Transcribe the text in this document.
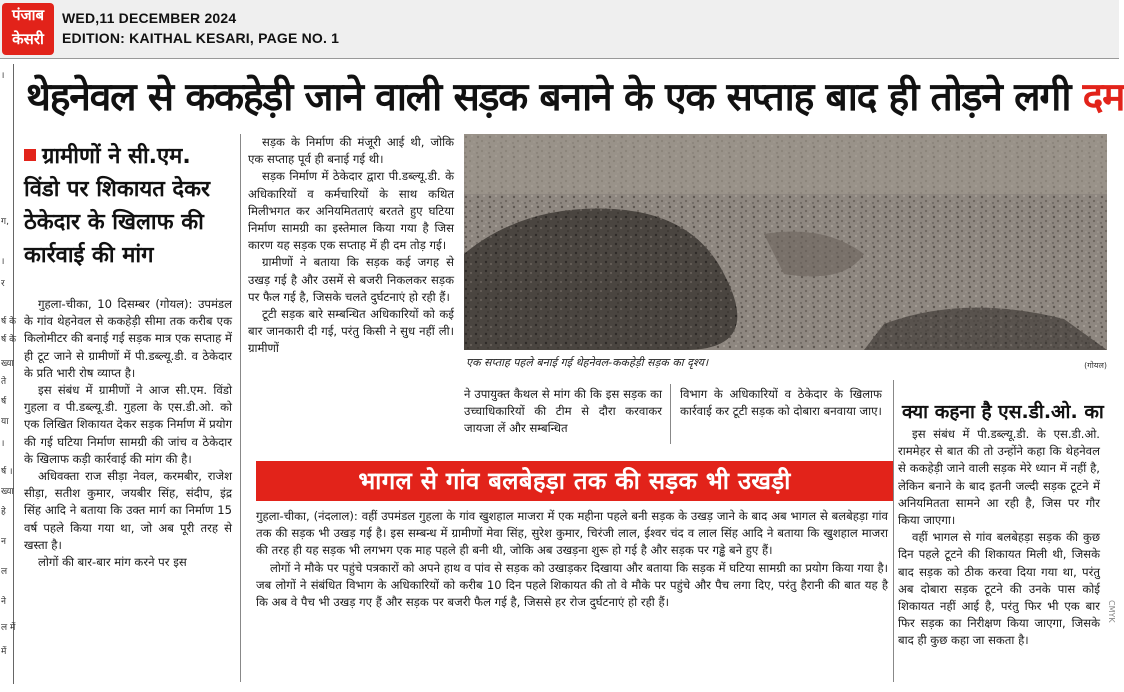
पंजाब
केसरी
WED,11 DECEMBER 2024
EDITION: KAITHAL KESARI, PAGE NO. 1
।
ग,
।
र
र्ष के
र्ष के
ख्या
ते
र्ष
या
।
र्ष ।
ख्या
हे
न
ल
ने
ल में
में
थेहनेवल से ककहेड़ी जाने वाली सड़क बनाने के एक सप्ताह बाद ही तोड़ने लगी दम
ग्रामीणों ने सी.एम. विंडो पर शिकायत देकर ठेकेदार के खिलाफ की कार्रवाई की मांग

गुहला-चीका, 10 दिसम्बर (गोयल): उपमंडल के गांव थेहनेवल से ककहेड़ी सीमा तक करीब एक किलोमीटर की बनाई गई सड़क मात्र एक सप्ताह में ही टूट जाने से ग्रामीणों में पी.डब्ल्यू.डी. व ठेकेदार के प्रति भारी रोष व्याप्त है।

इस संबंध में ग्रामीणों ने आज सी.एम. विंडो गुहला व पी.डब्ल्यू.डी. गुहला के एस.डी.ओ. को एक लिखित शिकायत देकर सड़क निर्माण में प्रयोग की गई घटिया निर्माण सामग्री की जांच व ठेकेदार के खिलाफ कड़ी कार्रवाई की मांग की है।

अधिवक्ता राज सीड़ा नेवल, करमबीर, राजेश सीड़ा, सतीश कुमार, जयबीर सिंह, संदीप, इंद्र सिंह आदि ने बताया कि उक्त मार्ग का निर्माण 15 वर्ष पहले किया गया था, जो अब पूरी तरह से खस्ता है।

लोगों की बार-बार मांग करने पर इस

सड़क के निर्माण की मंजूरी आई थी, जोकि एक सप्ताह पूर्व ही बनाई गई थी।

सड़क निर्माण में ठेकेदार द्वारा पी.डब्ल्यू.डी. के अधिकारियों व कर्मचारियों के साथ कथित मिलीभगत कर अनियमितताएं बरतते हुए घटिया निर्माण सामग्री का इस्तेमाल किया गया है जिस कारण यह सड़क एक सप्ताह में ही दम तोड़ गई।

ग्रामीणों ने बताया कि सड़क कई जगह से उखड़ गई है और उसमें से बजरी निकलकर सड़क पर फैल गई है, जिसके चलते दुर्घटनाएं हो रही हैं।

टूटी सड़क बारे सम्बन्धित अधिकारियों को कई बार जानकारी दी गई, परंतु किसी ने सुध नहीं ली। ग्रामीणों

एक सप्ताह पहले बनाई गई थेहनेवल-ककहेड़ी सड़क का दृश्य।	(गोयल)

ने उपायुक्त कैथल से मांग की कि इस सड़क का उच्चाधिकारियों की टीम से दौरा करवाकर जायजा लें और सम्बन्धित

विभाग के अधिकारियों व ठेकेदार के खिलाफ कार्रवाई कर टूटी सड़क को दोबारा बनवाया जाए। क्या कहना है एस.डी.ओ. का

इस संबंध में पी.डब्ल्यू.डी. के एस.डी.ओ. राममेहर से बात की तो उन्होंने कहा कि थेहनेवल से ककहेड़ी जाने वाली सड़क मेरे ध्यान में नहीं है, लेकिन बनाने के बाद इतनी जल्दी सड़क टूटने में अनियमितता सामने आ रही है, जिस पर गौर किया जाएगा।

वहीं भागल से गांव बलबेहड़ा सड़क की कुछ दिन पहले टूटने की शिकायत मिली थी, जिसके बाद सड़क को ठीक करवा दिया गया था, परंतु अब दोबारा सड़क टूटने की उनके पास कोई शिकायत नहीं आई है, परंतु फिर भी एक बार फिर सड़क का निरीक्षण किया जाएगा, जिसके बाद ही कुछ कहा जा सकता है।

भागल से गांव बलबेहड़ा तक की सड़क भी उखड़ी

गुहला-चीका, (नंदलाल): वहीं उपमंडल गुहला के गांव खुशहाल माजरा में एक महीना पहले बनी सड़क के उखड़ जाने के बाद अब भागल से बलबेहड़ा गांव तक की सड़क भी उखड़ गई है। इस सम्बन्ध में ग्रामीणों मेवा सिंह, सुरेश कुमार, चिरंजी लाल, ईश्वर चंद व लाल सिंह आदि ने बताया कि खुशहाल माजरा की तरह ही यह सड़क भी लगभग एक माह पहले ही बनी थी, जोकि अब उखड़ना शुरू हो गई है और सड़क पर गड्ढे बने हुए हैं।

लोगों ने मौके पर पहुंचे पत्रकारों को अपने हाथ व पांव से सड़क को उखाड़कर दिखाया और बताया कि सड़क में घटिया सामग्री का प्रयोग किया गया है। जब लोगों ने संबंधित विभाग के अधिकारियों को करीब 10 दिन पहले शिकायत की तो वे मौके पर पहुंचे और पैच लगा दिए, परंतु हैरानी की बात यह है कि अब वे पैच भी उखड़ गए हैं और सड़क पर बजरी फैल गई है, जिससे हर रोज दुर्घटनाएं हो रही हैं।	CMYK
